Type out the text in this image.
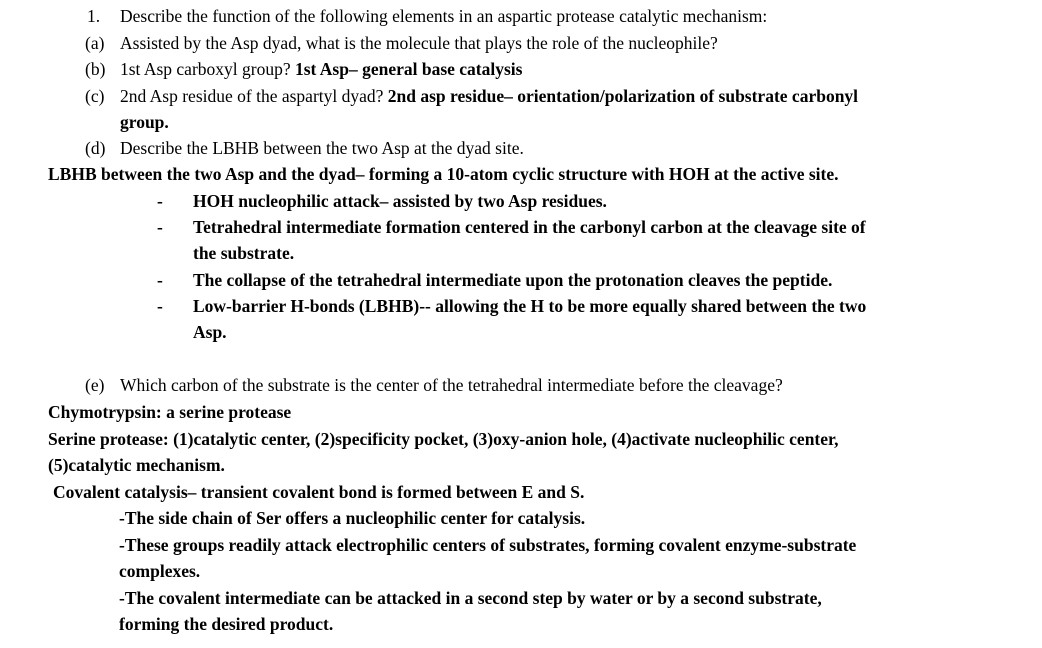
1. Describe the function of the following elements in an aspartic protease catalytic mechanism:
(a) Assisted by the Asp dyad, what is the molecule that plays the role of the nucleophile?
(b) 1st Asp carboxyl group? 1st Asp– general base catalysis
(c) 2nd Asp residue of the aspartyl dyad? 2nd asp residue– orientation/polarization of substrate carbonyl
group.
(d) Describe the LBHB between the two Asp at the dyad site.
LBHB between the two Asp and the dyad– forming a 10-atom cyclic structure with HOH at the active site.
- HOH nucleophilic attack– assisted by two Asp residues.
- Tetrahedral intermediate formation centered in the carbonyl carbon at the cleavage site of
the substrate.
- The collapse of the tetrahedral intermediate upon the protonation cleaves the peptide.
- Low-barrier H-bonds (LBHB)-- allowing the H to be more equally shared between the two
Asp.
(e) Which carbon of the substrate is the center of the tetrahedral intermediate before the cleavage?
Chymotrypsin: a serine protease
Serine protease: (1)catalytic center, (2)specificity pocket, (3)oxy-anion hole, (4)activate nucleophilic center,
(5)catalytic mechanism.
Covalent catalysis– transient covalent bond is formed between E and S.
-The side chain of Ser offers a nucleophilic center for catalysis.
-These groups readily attack electrophilic centers of substrates, forming covalent enzyme-substrate
complexes.
-The covalent intermediate can be attacked in a second step by water or by a second substrate,
forming the desired product.
